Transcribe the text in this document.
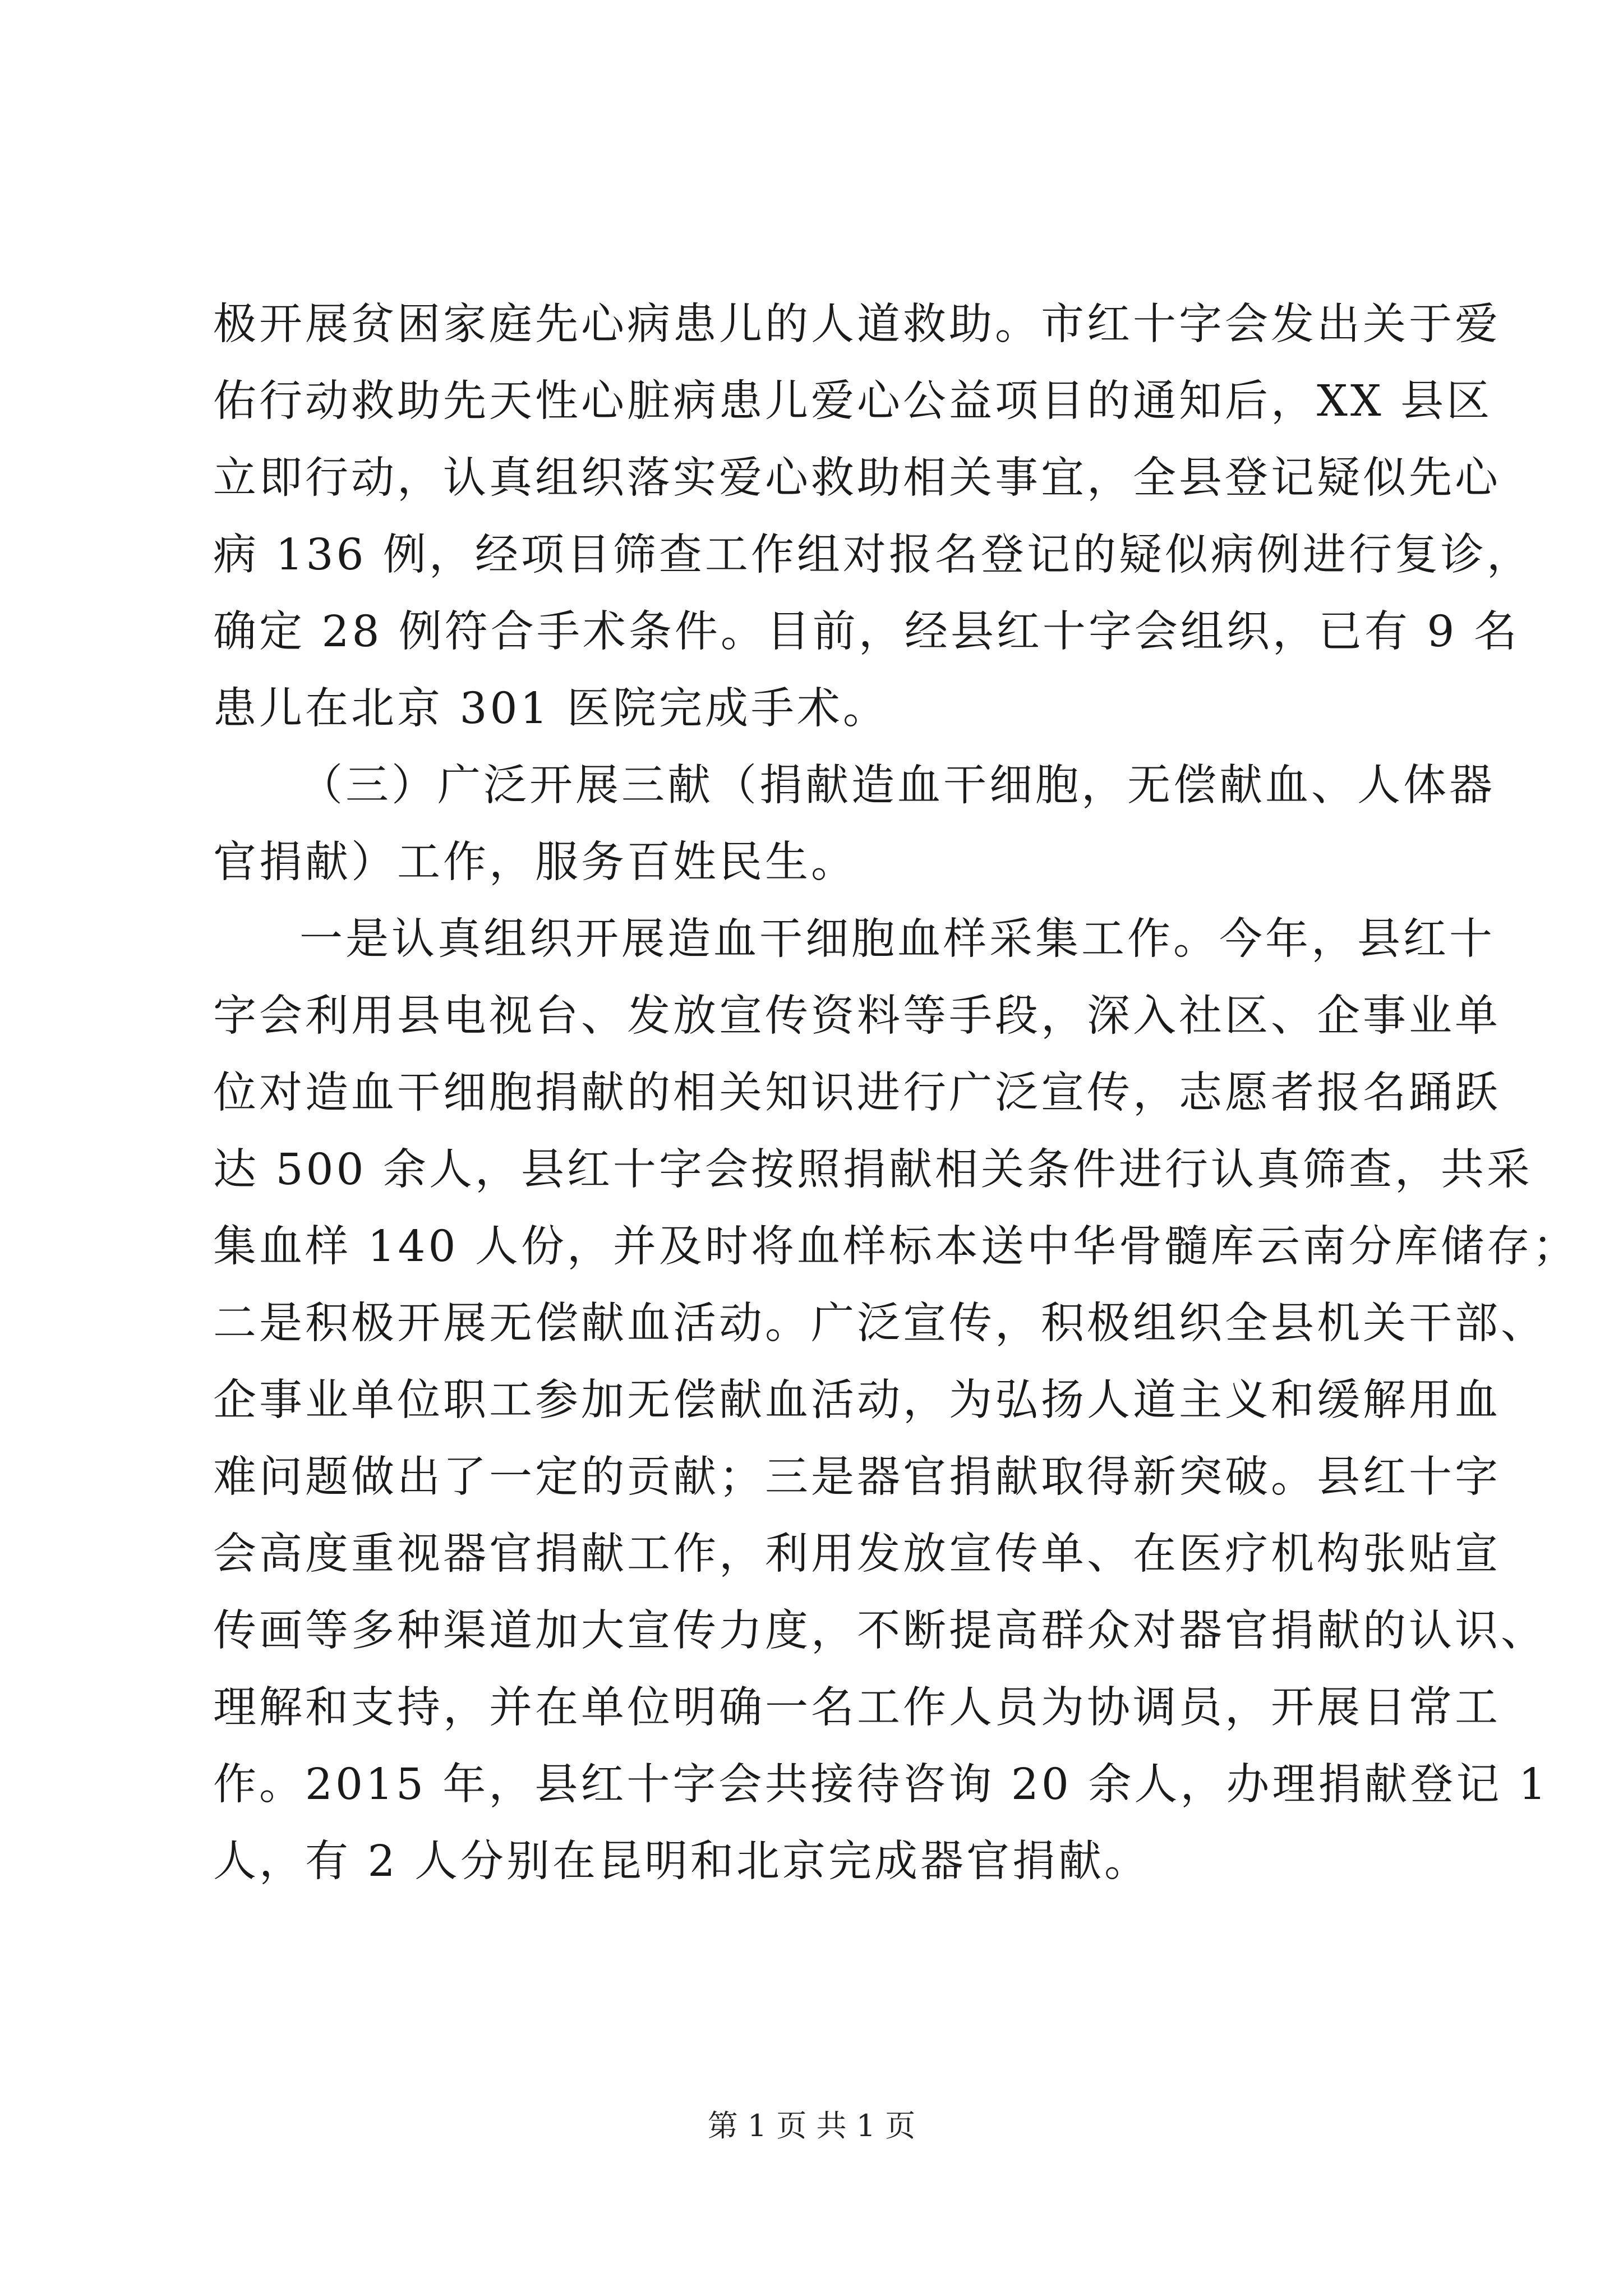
极开展贫困家庭先心病患儿的人道救助。市红十字会发出关于爱
佑行动救助先天性心脏病患儿爱心公益项目的通知后，XX 县区
立即行动，认真组织落实爱心救助相关事宜，全县登记疑似先心
病 136 例，经项目筛查工作组对报名登记的疑似病例进行复诊，
确定 28 例符合手术条件。目前，经县红十字会组织，已有 9 名
患儿在北京 301 医院完成手术。
（三）广泛开展三献（捐献造血干细胞，无偿献血、人体器
官捐献）工作，服务百姓民生。
一是认真组织开展造血干细胞血样采集工作。今年，县红十
字会利用县电视台、发放宣传资料等手段，深入社区、企事业单
位对造血干细胞捐献的相关知识进行广泛宣传，志愿者报名踊跃
达 500 余人，县红十字会按照捐献相关条件进行认真筛查，共采
集血样 140 人份，并及时将血样标本送中华骨髓库云南分库储存；
二是积极开展无偿献血活动。广泛宣传，积极组织全县机关干部、
企事业单位职工参加无偿献血活动，为弘扬人道主义和缓解用血
难问题做出了一定的贡献；三是器官捐献取得新突破。县红十字
会高度重视器官捐献工作，利用发放宣传单、在医疗机构张贴宣
传画等多种渠道加大宣传力度，不断提高群众对器官捐献的认识、
理解和支持，并在单位明确一名工作人员为协调员，开展日常工
作。2015 年，县红十字会共接待咨询 20 余人，办理捐献登记 1
人，有 2 人分别在昆明和北京完成器官捐献。
第 1 页 共 1 页
